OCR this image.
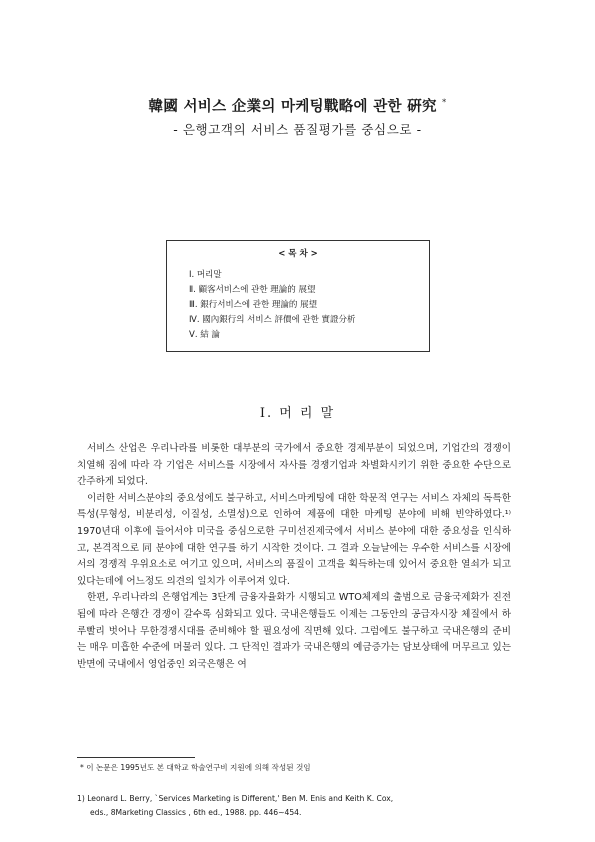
韓國 서비스 企業의 마케팅戰略에 관한 硏究 *
- 은행고객의 서비스 품질평가를 중심으로 -
< 목 차 >
Ⅰ. 머리말
Ⅱ. 顧客서비스에 관한 理論的 展望
Ⅲ. 銀行서비스에 관한 理論的 展望
Ⅳ. 國內銀行의 서비스 評價에 관한 實證分析
Ⅴ. 結 論
Ⅰ. 머 리 말

서비스 산업은 우리나라를 비롯한 대부분의 국가에서 중요한 경제부분이 되었으며, 기업간의 경쟁이 치열해 짐에 따라 각 기업은 서비스를 시장에서 자사를 경쟁기업과 차별화시키기 위한 중요한 수단으로 간주하게 되었다.

이러한 서비스분야의 중요성에도 불구하고, 서비스마케팅에 대한 학문적 연구는 서비스 자체의 독특한 특성(무형성, 비분리성, 이질성, 소멸성)으로 인하여 제품에 대한 마케팅 분야에 비해 빈약하였다.¹⁾ 1970년대 이후에 들어서야 미국을 중심으로한 구미선진제국에서 서비스 분야에 대한 중요성을 인식하고, 본격적으로 同 분야에 대한 연구를 하기 시작한 것이다. 그 결과 오늘날에는 우수한 서비스를 시장에서의 경쟁적 우위요소로 여기고 있으며, 서비스의 품질이 고객을 획득하는데 있어서 중요한 열쇠가 되고 있다는데에 어느정도 의견의 일치가 이루어져 있다.

한편, 우리나라의 은행업계는 3단계 금융자율화가 시행되고 WTO체제의 출범으로 금융국제화가 진전됨에 따라 은행간 경쟁이 갈수록 심화되고 있다. 국내은행들도 이제는 그동안의 공급자시장 체질에서 하루빨리 벗어나 무한경쟁시대를 준비해야 할 필요성에 직면해 있다. 그럼에도 불구하고 국내은행의 준비는 매우 미흡한 수준에 머물러 있다. 그 단적인 결과가 국내은행의 예금증가는 담보상태에 머무르고 있는 반면에 국내에서 영업중인 외국은행은 여

* 이 논문은 1995년도 본 대학교 학술연구비 지원에 의해 작성된 것임

1) Leonard L. Berry, `Services Marketing is Different,' Ben M. Enis and Keith K. Cox,
eds., 8Marketing Classics , 6th ed., 1988. pp. 446~454.
